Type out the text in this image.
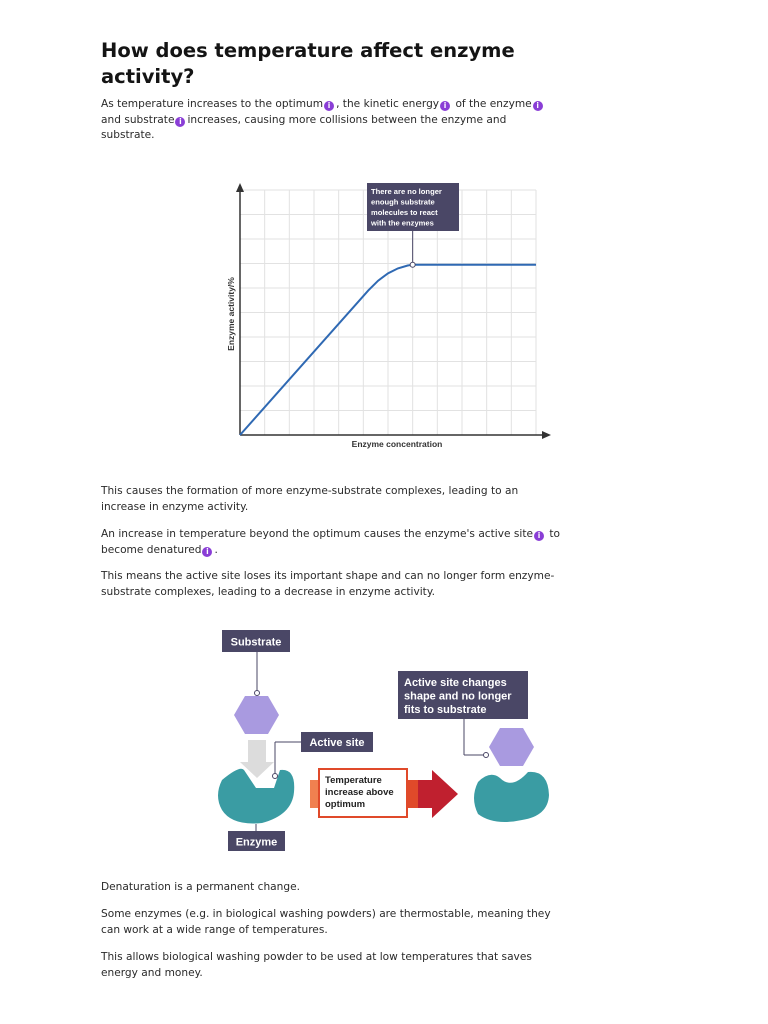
How does temperature affect enzyme activity?

As temperature increases to the optimum i , the kinetic energyi of the enzymei and substrate i increases, causing more collisions between the enzyme and substrate.

There are no longer enough substrate molecules to react with the enzymes
Enzyme concentration
Enzyme activity/%

This causes the formation of more enzyme-substrate complexes, leading to an increase in enzyme activity.

An increase in temperature beyond the optimum causes the enzyme's active sitei to become denatured i .

This means the active site loses its important shape and can no longer form enzyme-substrate complexes, leading to a decrease in enzyme activity.

Substrate
Active site
Enzyme
Temperature increase above optimum
Active site changes shape and no longer fits to substrate

Denaturation is a permanent change.

Some enzymes (e.g. in biological washing powders) are thermostable, meaning they can work at a wide range of temperatures.

This allows biological washing powder to be used at low temperatures that saves energy and money.
